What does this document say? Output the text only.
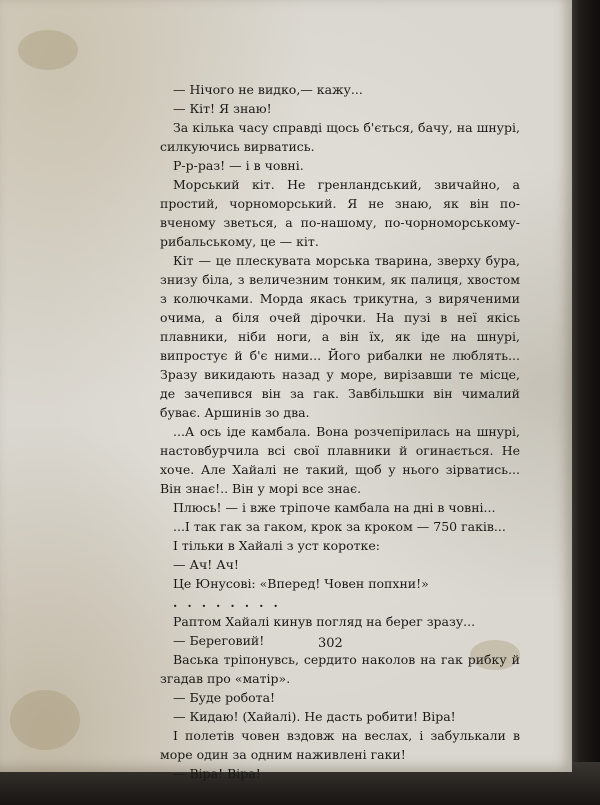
— Нічого не видко,— кажу...

— Кіт! Я знаю!

За кілька часу справді щось б'ється, бачу, на шнурі, силкуючись вирватись.

Р-р-раз! — і в човні.

Морський кіт. Не гренландський, звичайно, а простий, чорноморський. Я не знаю, як він по-вченому зветься, а по-нашому, по-чорноморському-рибальському, це — кіт.

Кіт — це плескувата морська тварина, зверху бура, знизу біла, з величезним тонким, як палиця, хвостом з колючками. Морда якась трикутна, з виряченими очима, а біля очей дірочки. На пузі в неї якісь плавники, ніби ноги, а він їх, як іде на шнурі, випростує й б'є ними... Його рибалки не люблять... Зразу викидають назад у море, вирізавши те місце, де зачепився він за гак. Завбільшки він чималий буває. Аршинів зо два.

...А ось іде камбала. Вона розчепірилась на шнурі, настовбурчила всі свої плавники й огинається. Не хоче. Але Хайалі не такий, щоб у нього зірватись... Він знає!.. Він у морі все знає.

Плюсь! — і вже тріпоче камбала на дні в човні...

...І так гак за гаком, крок за кроком — 750 гаків...

І тільки в Хайалі з уст коротке:

— Ач! Ач!

Це Юнусові: «Вперед! Човен попхни!»

........

Раптом Хайалі кинув погляд на берег зразу...

— Береговий!

Васька тріпонувсь, сердито наколов на гак рибку й згадав про «матір».

— Буде робота!

— Кидаю! (Хайалі). Не дасть робити! Віра!

І полетів човен вздовж на веслах, і забулькали в море один за одним наживлені гаки!

— Віра! Віра!

302
